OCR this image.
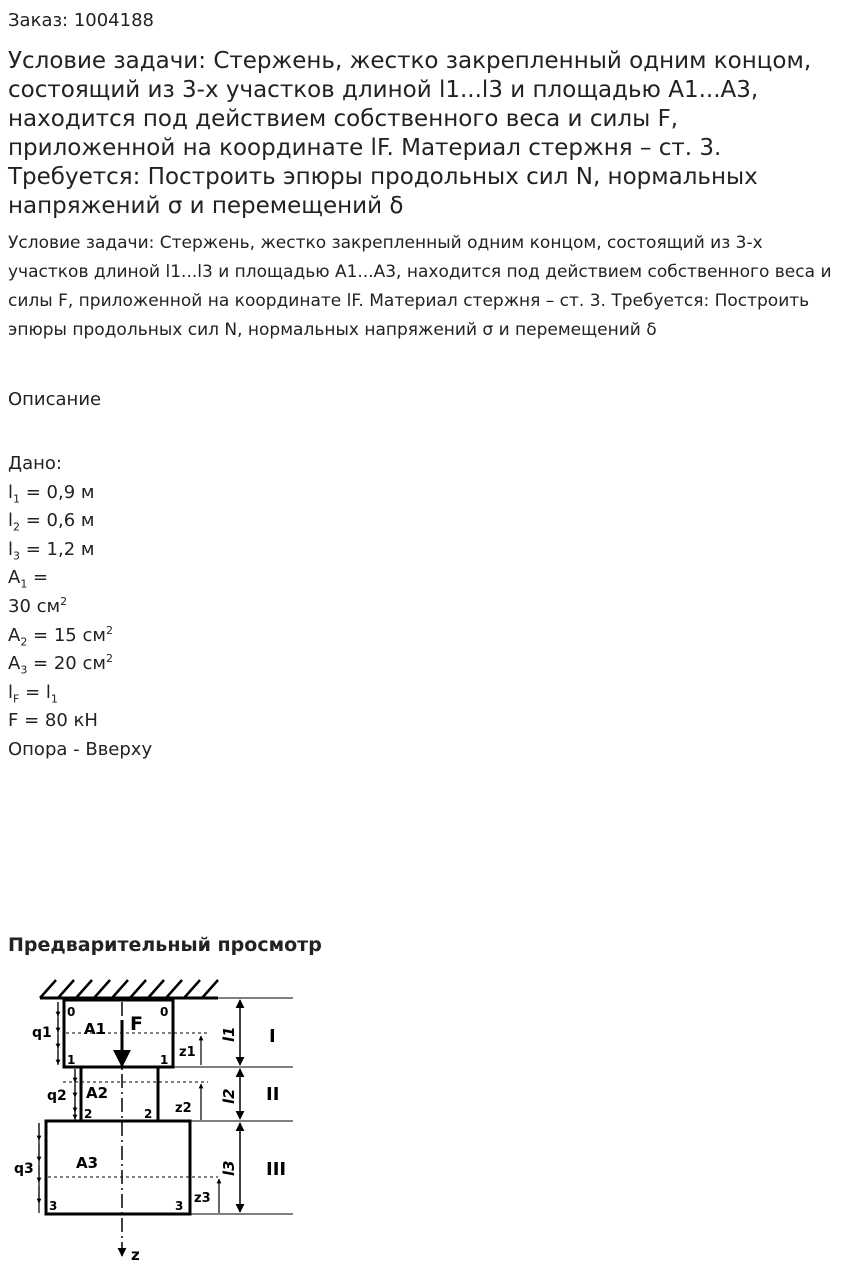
Заказ: 1004188
Условие задачи: Стержень, жестко закрепленный одним концом, состоящий из 3-х участков длиной l1...l3 и площадью A1...A3, находится под действием собственного веса и силы F, приложенной на координате lF. Материал стержня – ст. 3. Требуется: Построить эпюры продольных сил N, нормальных напряжений σ и перемещений δ

Условие задачи: Стержень, жестко закрепленный одним концом, состоящий из 3-х участков длиной l1...l3 и площадью A1...A3, находится под действием собственного веса и силы F, приложенной на координате lF. Материал стержня – ст. 3. Требуется: Построить эпюры продольных сил N, нормальных напряжений σ и перемещений δ

Описание
Дано:
$l_1 = 0,9$ м
$l_2 = 0,6$ м
$l_3 = 1,2$ м
$A_1$ =
30 $см^2$
$A_2 = 15$ $см^2$
$A_3 = 20$ $см^2$
$l_F = l_1$
F = 80 кН
Опора - Вверху
Предварительный просмотр
q1
q2
q3
A1
A2
A3
F
0	0
1	1
2	2
3	3
z1
z2
z3
l1
l2
l3
I
II
III
z
